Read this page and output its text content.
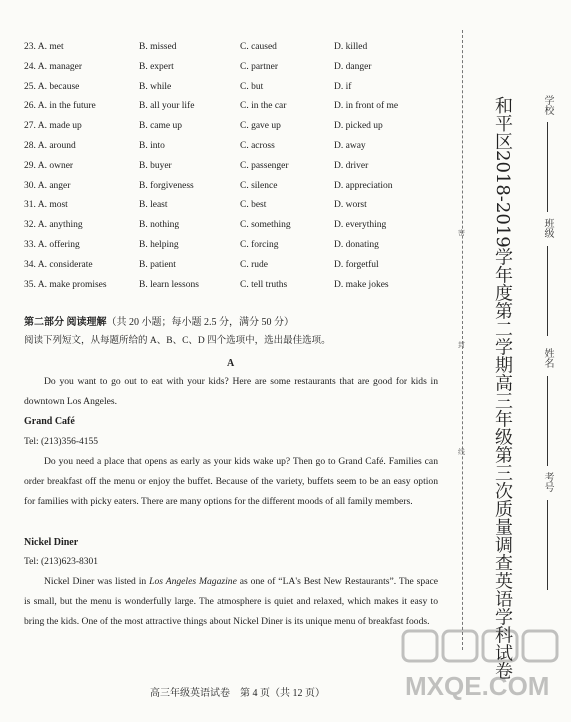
23. A. met	B. missed	C. caused	D. killed
24. A. manager	B. expert	C. partner	D. danger
25. A. because	B. while	C. but	D. if
26. A. in the future	B. all your life	C. in the car	D. in front of me
27. A. made up	B. came up	C. gave up	D. picked up
28. A. around	B. into	C. across	D. away
29. A. owner	B. buyer	C. passenger	D. driver
30. A. anger	B. forgiveness	C. silence	D. appreciation
31. A. most	B. least	C. best	D. worst
32. A. anything	B. nothing	C. something	D. everything
33. A. offering	B. helping	C. forcing	D. donating
34. A. considerate	B. patient	C. rude	D. forgetful
35. A. make promises	B. learn lessons	C. tell truths	D. make jokes
第二部分 阅读理解（共 20 小题；每小题 2.5 分，满分 50 分）
阅读下列短文，从每题所给的 A、B、C、D 四个选项中，选出最佳选项。
A
Do you want to go out to eat with your kids? Here are some restaurants that are good for kids in downtown Los Angeles.
Grand Café
Tel: (213)356-4155
Do you need a place that opens as early as your kids wake up? Then go to Grand Café. Families can order breakfast off the menu or enjoy the buffet. Because of the variety, buffets seem to be an easy option for families with picky eaters. There are many options for the different moods of all family members.
Nickel Diner
Tel: (213)623-8301
Nickel Diner was listed in Los Angeles Magazine as one of “LA's Best New Restaurants”. The space is small, but the menu is wonderfully large. The atmosphere is quiet and relaxed, which makes it easy to bring the kids. One of the most attractive things about Nickel Diner is its unique menu of breakfast foods.
高三年级英语试卷　第 4 页（共 12 页）
密
封
线 和平区2018-2019学年度第二学期高三年级第三次质量调查英语学科试卷	学校
班级
姓名
考号
MXQE.COM
